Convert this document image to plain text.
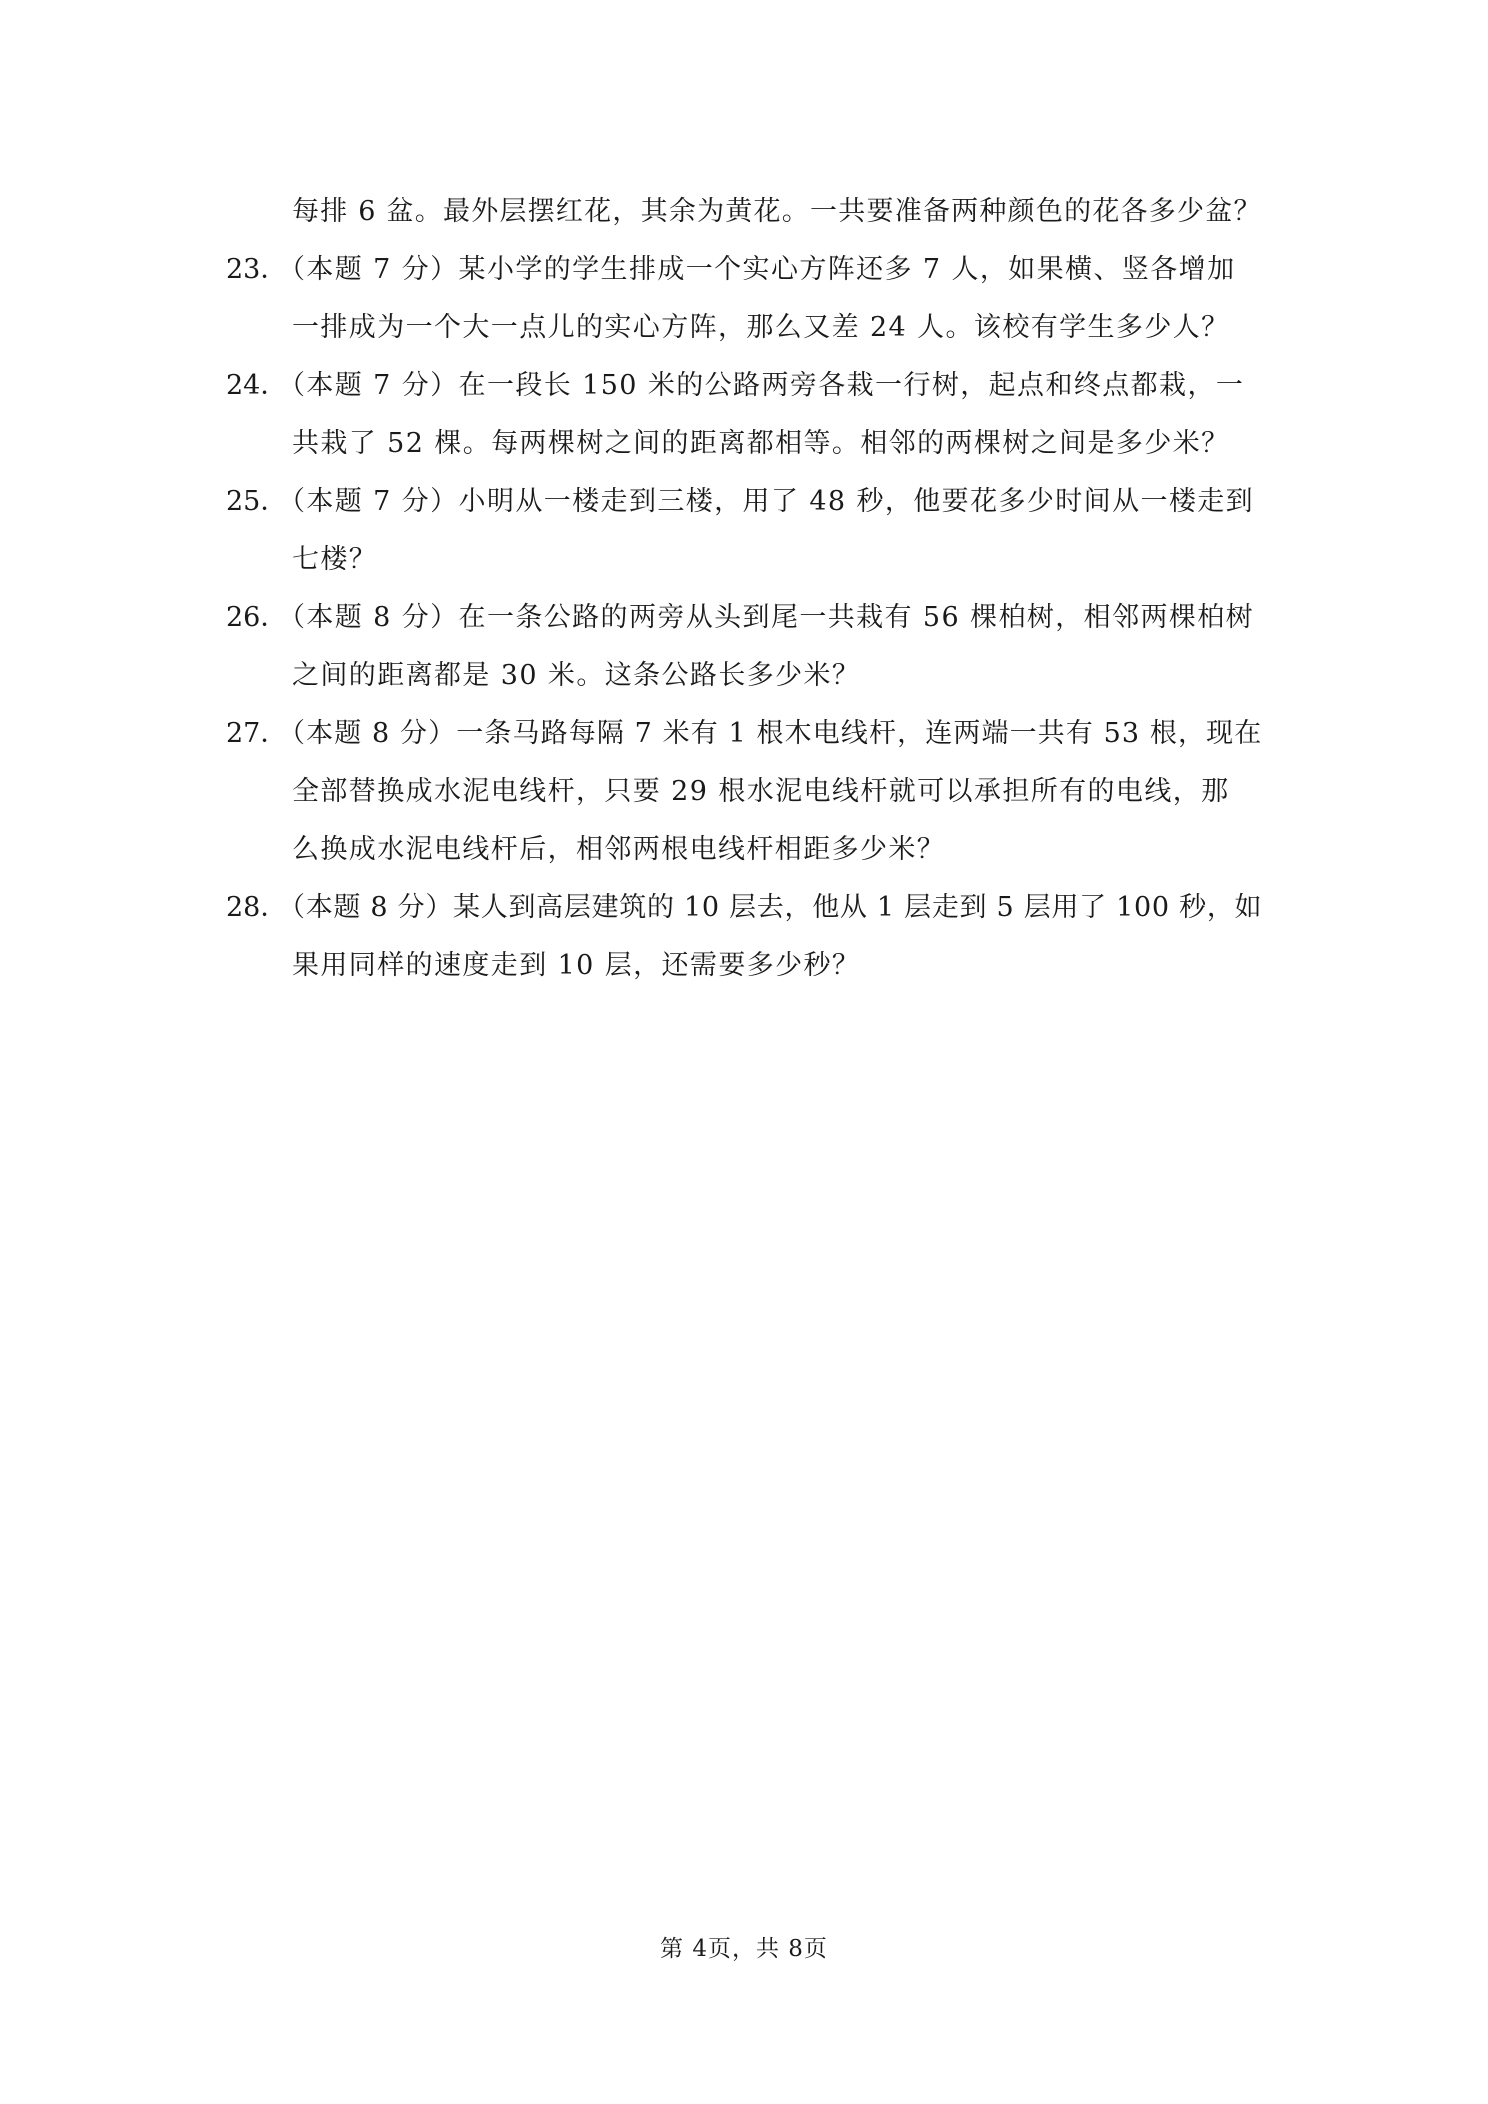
每排 6 盆。最外层摆红花，其余为黄花。一共要准备两种颜色的花各多少盆？
23．
（本题 7 分）某小学的学生排成一个实心方阵还多 7 人，如果横、竖各增加
一排成为一个大一点儿的实心方阵，那么又差 24 人。该校有学生多少人？
24．
（本题 7 分）在一段长 150 米的公路两旁各栽一行树，起点和终点都栽，一
共栽了 52 棵。每两棵树之间的距离都相等。相邻的两棵树之间是多少米？
25．
（本题 7 分）小明从一楼走到三楼，用了 48 秒，他要花多少时间从一楼走到
七楼？
26．
（本题 8 分）在一条公路的两旁从头到尾一共栽有 56 棵柏树，相邻两棵柏树
之间的距离都是 30 米。这条公路长多少米？
27．
（本题 8 分）一条马路每隔 7 米有 1 根木电线杆，连两端一共有 53 根，现在
全部替换成水泥电线杆，只要 29 根水泥电线杆就可以承担所有的电线，那
么换成水泥电线杆后，相邻两根电线杆相距多少米？
28．
（本题 8 分）某人到高层建筑的 10 层去，他从 1 层走到 5 层用了 100 秒，如
果用同样的速度走到 10 层，还需要多少秒？
第 4页，共 8页
